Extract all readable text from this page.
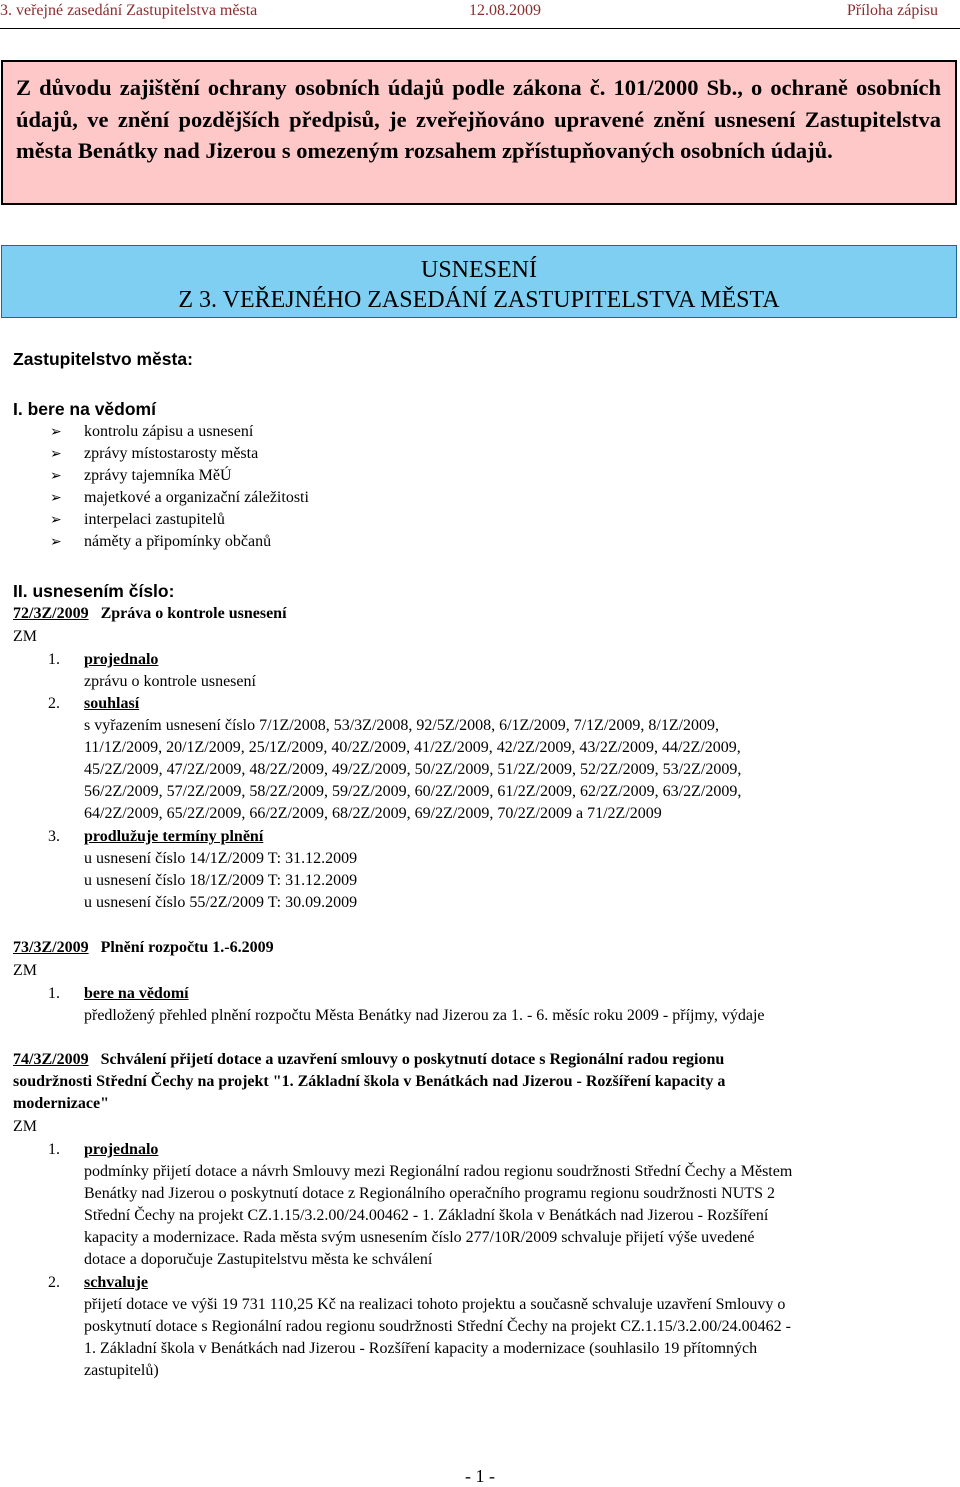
3. veřejné zasedání Zastupitelstva města	12.08.2009	Příloha zápisu
Z důvodu zajištění ochrany osobních údajů podle zákona č. 101/2000 Sb., o ochraně osobních údajů, ve znění pozdějších předpisů, je zveřejňováno upravené znění usnesení Zastupitelstva města Benátky nad Jizerou s omezeným rozsahem zpřístupňovaných osobních údajů.
USNESENÍ
Z 3. VEŘEJNÉHO ZASEDÁNÍ ZASTUPITELSTVA MĚSTA
Zastupitelstvo města:
I. bere na vědomí
➢ kontrolu zápisu a usnesení
➢ zprávy místostarosty města
➢ zprávy tajemníka MěÚ
➢ majetkové a organizační záležitosti
➢ interpelaci zastupitelů
➢ náměty a připomínky občanů
II. usnesením číslo:
72/3Z/2009 Zpráva o kontrole usnesení
ZM
1. projednalo
zprávu o kontrole usnesení
2. souhlasí
s vyřazením usnesení číslo 7/1Z/2008, 53/3Z/2008, 92/5Z/2008, 6/1Z/2009, 7/1Z/2009, 8/1Z/2009,
11/1Z/2009, 20/1Z/2009, 25/1Z/2009, 40/2Z/2009, 41/2Z/2009, 42/2Z/2009, 43/2Z/2009, 44/2Z/2009,
45/2Z/2009, 47/2Z/2009, 48/2Z/2009, 49/2Z/2009, 50/2Z/2009, 51/2Z/2009, 52/2Z/2009, 53/2Z/2009,
56/2Z/2009, 57/2Z/2009, 58/2Z/2009, 59/2Z/2009, 60/2Z/2009, 61/2Z/2009, 62/2Z/2009, 63/2Z/2009,
64/2Z/2009, 65/2Z/2009, 66/2Z/2009, 68/2Z/2009, 69/2Z/2009, 70/2Z/2009 a 71/2Z/2009
3. prodlužuje termíny plnění
u usnesení číslo 14/1Z/2009 T: 31.12.2009
u usnesení číslo 18/1Z/2009 T: 31.12.2009
u usnesení číslo 55/2Z/2009 T: 30.09.2009
73/3Z/2009 Plnění rozpočtu 1.-6.2009
ZM
1. bere na vědomí
předložený přehled plnění rozpočtu Města Benátky nad Jizerou za 1. - 6. měsíc roku 2009 - příjmy, výdaje
74/3Z/2009 Schválení přijetí dotace a uzavření smlouvy o poskytnutí dotace s Regionální radou regionu
soudržnosti Střední Čechy na projekt "1. Základní škola v Benátkách nad Jizerou - Rozšíření kapacity a
modernizace"
ZM
1. projednalo
podmínky přijetí dotace a návrh Smlouvy mezi Regionální radou regionu soudržnosti Střední Čechy a Městem
Benátky nad Jizerou o poskytnutí dotace z Regionálního operačního programu regionu soudržnosti NUTS 2
Střední Čechy na projekt CZ.1.15/3.2.00/24.00462 - 1. Základní škola v Benátkách nad Jizerou - Rozšíření
kapacity a modernizace. Rada města svým usnesením číslo 277/10R/2009 schvaluje přijetí výše uvedené
dotace a doporučuje Zastupitelstvu města ke schválení
2. schvaluje
přijetí dotace ve výši 19 731 110,25 Kč na realizaci tohoto projektu a současně schvaluje uzavření Smlouvy o
poskytnutí dotace s Regionální radou regionu soudržnosti Střední Čechy na projekt CZ.1.15/3.2.00/24.00462 -
1. Základní škola v Benátkách nad Jizerou - Rozšíření kapacity a modernizace (souhlasilo 19 přítomných
zastupitelů)
- 1 -
